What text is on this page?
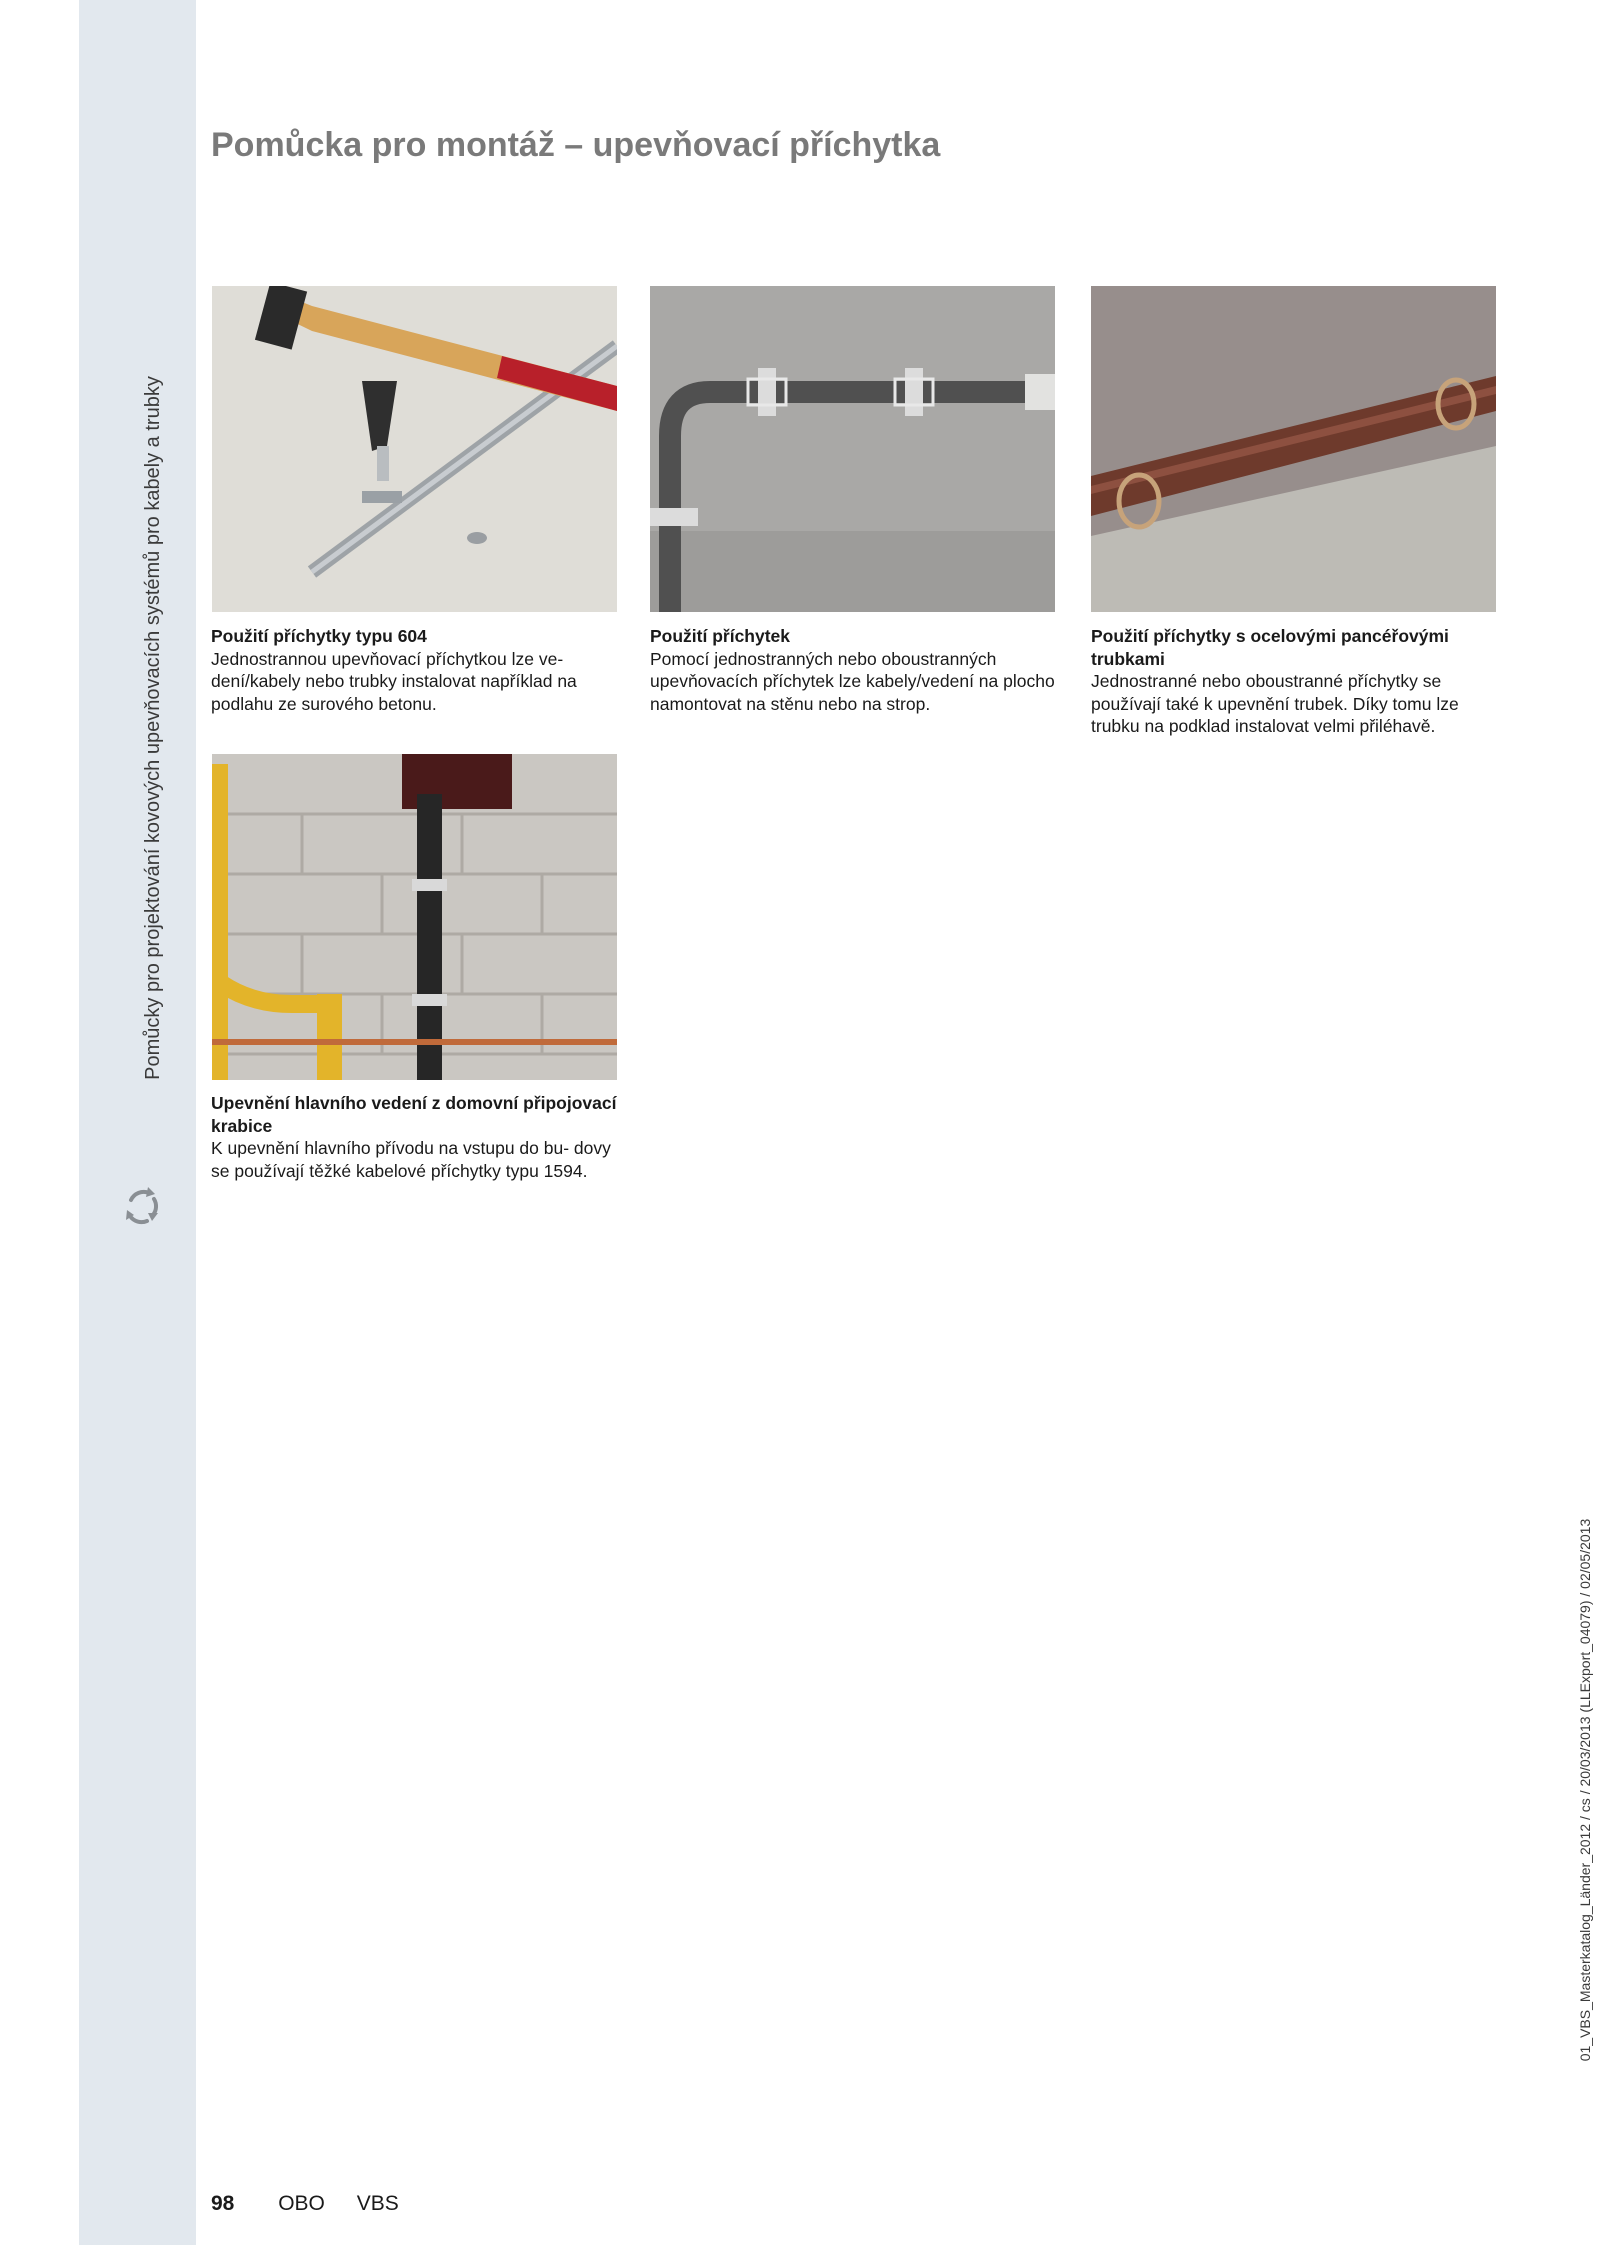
Pomůcky pro projektování kovových upevňovacích systémů pro kabely a trubky
Pomůcka pro montáž – upevňovací příchytka
Použití příchytky typu 604
Jednostrannou upevňovací příchytkou lze ve- dení/kabely nebo trubky instalovat například na podlahu ze surového betonu.
Použití příchytek
Pomocí jednostranných nebo oboustranných upevňovacích příchytek lze kabely/vedení na plocho namontovat na stěnu nebo na strop.
Použití příchytky s ocelovými pancéřovými trubkami
Jednostranné nebo oboustranné příchytky se používají také k upevnění trubek. Díky tomu lze trubku na podklad instalovat velmi přiléhavě.
Upevnění hlavního vedení z domovní připojovací krabice
K upevnění hlavního přívodu na vstupu do bu- dovy se používají těžké kabelové příchytky typu 1594.
98 OBO VBS
01_VBS_Masterkatalog_Länder_2012 / cs / 20/03/2013 (LLExport_04079) / 02/05/2013
